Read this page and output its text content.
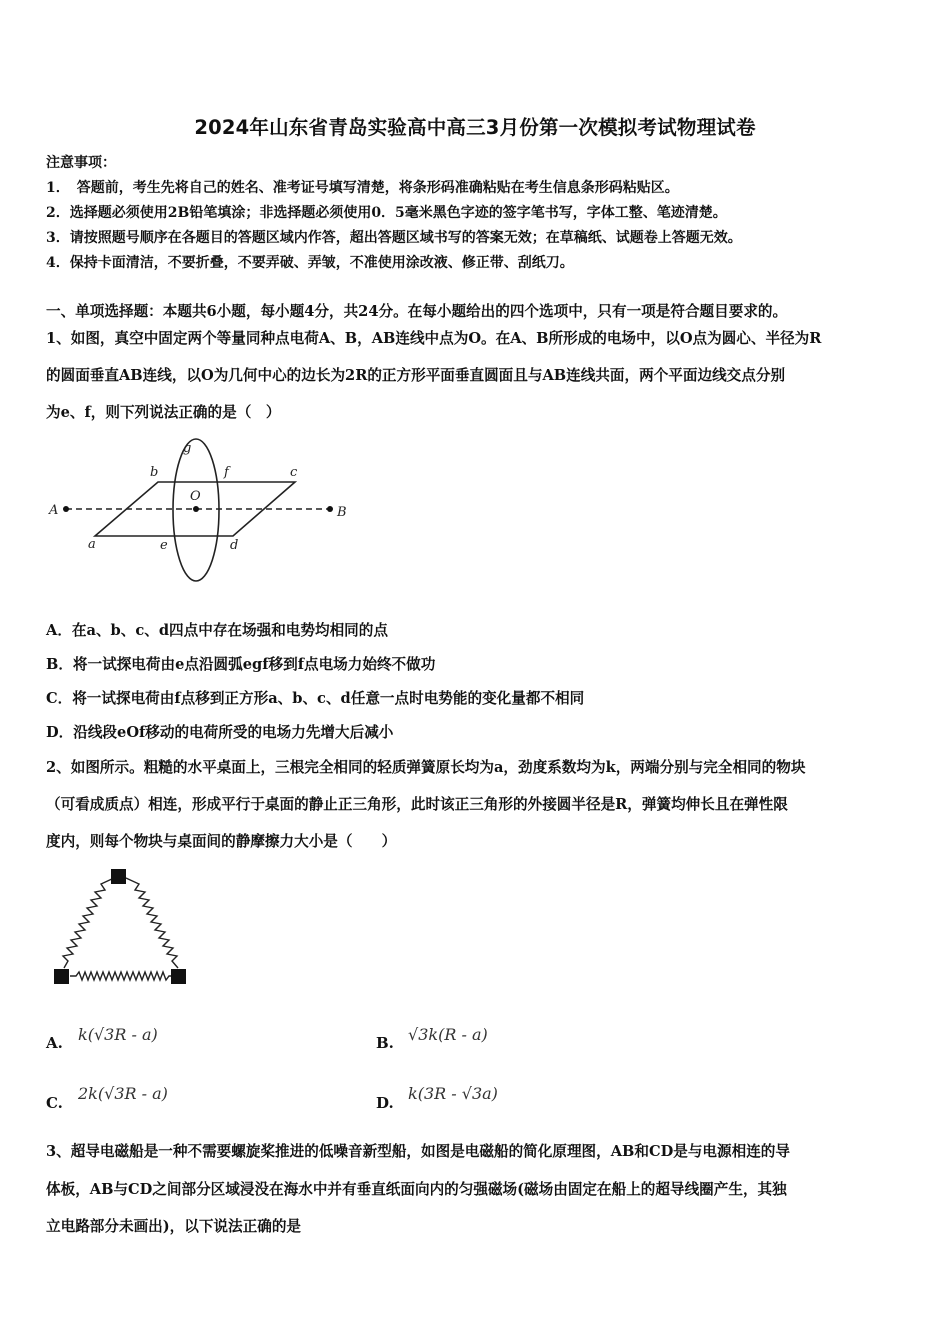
2024年山东省青岛实验高中高三3月份第一次模拟考试物理试卷
注意事项：
1．　答题前，考生先将自己的姓名、准考证号填写清楚，将条形码准确粘贴在考生信息条形码粘贴区。
2．选择题必须使用2B铅笔填涂；非选择题必须使用0．5毫米黑色字迹的签字笔书写，字体工整、笔迹清楚。
3．请按照题号顺序在各题目的答题区域内作答，超出答题区域书写的答案无效；在草稿纸、试题卷上答题无效。
4．保持卡面清洁，不要折叠，不要弄破、弄皱，不准使用涂改液、修正带、刮纸刀。
一、单项选择题：本题共6小题，每小题4分，共24分。在每小题给出的四个选项中，只有一项是符合题目要求的。
1、如图，真空中固定两个等量同种点电荷A、B，AB连线中点为O。在A、B所形成的电场中，以O点为圆心、半径为R
的圆面垂直AB连线，以O为几何中心的边长为2R的正方形平面垂直圆面且与AB连线共面，两个平面边线交点分别
为e、f，则下列说法正确的是（　）
A	B
O
a
b	c
d
e
f
g
A．在a、b、c、d四点中存在场强和电势均相同的点
B．将一试探电荷由e点沿圆弧egf移到f点电场力始终不做功
C．将一试探电荷由f点移到正方形a、b、c、d任意一点时电势能的变化量都不相同
D．沿线段eOf移动的电荷所受的电场力先增大后减小
2、如图所示。粗糙的水平桌面上，三根完全相同的轻质弹簧原长均为a，劲度系数均为k，两端分别与完全相同的物块
（可看成质点）相连，形成平行于桌面的静止正三角形，此时该正三角形的外接圆半径是R，弹簧均伸长且在弹性限
度内，则每个物块与桌面间的静摩擦力大小是（　　）
A. k(√3R - a)	B. √3k(R - a)
C. 2k(√3R - a)	D. k(3R - √3a)
3、超导电磁船是一种不需要螺旋桨推进的低噪音新型船，如图是电磁船的简化原理图，AB和CD是与电源相连的导
体板，AB与CD之间部分区域浸没在海水中并有垂直纸面向内的匀强磁场(磁场由固定在船上的超导线圈产生，其独
立电路部分未画出)，以下说法正确的是
